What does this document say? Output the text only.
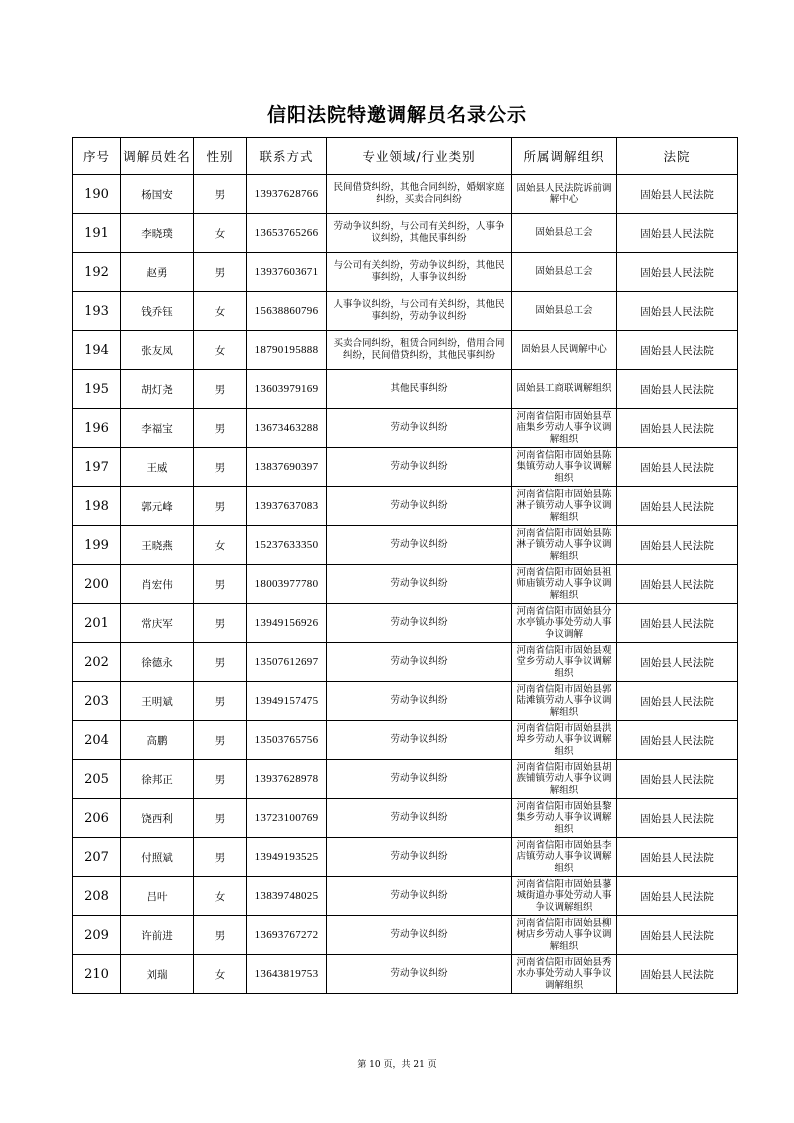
信阳法院特邀调解员名录公示
序号	调解员姓名	性别	联系方式	专业领域/行业类别	所属调解组织	法院
190	杨国安	男	13937628766	民间借贷纠纷，其他合同纠纷，婚姻家庭纠纷，买卖合同纠纷	固始县人民法院诉前调解中心	固始县人民法院
191	李晓璞	女	13653765266	劳动争议纠纷，与公司有关纠纷，人事争议纠纷，其他民事纠纷	固始县总工会	固始县人民法院
192	赵勇	男	13937603671	与公司有关纠纷，劳动争议纠纷，其他民事纠纷，人事争议纠纷	固始县总工会	固始县人民法院
193	钱乔钰	女	15638860796	人事争议纠纷，与公司有关纠纷，其他民事纠纷，劳动争议纠纷	固始县总工会	固始县人民法院
194	张友凤	女	18790195888	买卖合同纠纷，租赁合同纠纷，借用合同纠纷，民间借贷纠纷，其他民事纠纷	固始县人民调解中心	固始县人民法院
195	胡灯尧	男	13603979169	其他民事纠纷	固始县工商联调解组织	固始县人民法院
196	李福宝	男	13673463288	劳动争议纠纷	河南省信阳市固始县草庙集乡劳动人事争议调解组织	固始县人民法院
197	王威	男	13837690397	劳动争议纠纷	河南省信阳市固始县陈集镇劳动人事争议调解组织	固始县人民法院
198	郭元峰	男	13937637083	劳动争议纠纷	河南省信阳市固始县陈淋子镇劳动人事争议调解组织	固始县人民法院
199	王晓燕	女	15237633350	劳动争议纠纷	河南省信阳市固始县陈淋子镇劳动人事争议调解组织	固始县人民法院
200	肖宏伟	男	18003977780	劳动争议纠纷	河南省信阳市固始县祖师庙镇劳动人事争议调解组织	固始县人民法院
201	常庆军	男	13949156926	劳动争议纠纷	河南省信阳市固始县分水亭镇办事处劳动人事争议调解	固始县人民法院
202	徐德永	男	13507612697	劳动争议纠纷	河南省信阳市固始县观堂乡劳动人事争议调解组织	固始县人民法院
203	王明斌	男	13949157475	劳动争议纠纷	河南省信阳市固始县郭陆滩镇劳动人事争议调解组织	固始县人民法院
204	高鹏	男	13503765756	劳动争议纠纷	河南省信阳市固始县洪埠乡劳动人事争议调解组织	固始县人民法院
205	徐邦正	男	13937628978	劳动争议纠纷	河南省信阳市固始县胡族铺镇劳动人事争议调解组织	固始县人民法院
206	饶西利	男	13723100769	劳动争议纠纷	河南省信阳市固始县黎集乡劳动人事争议调解组织	固始县人民法院
207	付照斌	男	13949193525	劳动争议纠纷	河南省信阳市固始县李店镇劳动人事争议调解组织	固始县人民法院
208	吕叶	女	13839748025	劳动争议纠纷	河南省信阳市固始县蓼城街道办事处劳动人事争议调解组织	固始县人民法院
209	许前进	男	13693767272	劳动争议纠纷	河南省信阳市固始县柳树店乡劳动人事争议调解组织	固始县人民法院
210	刘瑞	女	13643819753	劳动争议纠纷	河南省信阳市固始县秀水办事处劳动人事争议调解组织	固始县人民法院
第 10 页，共 21 页
